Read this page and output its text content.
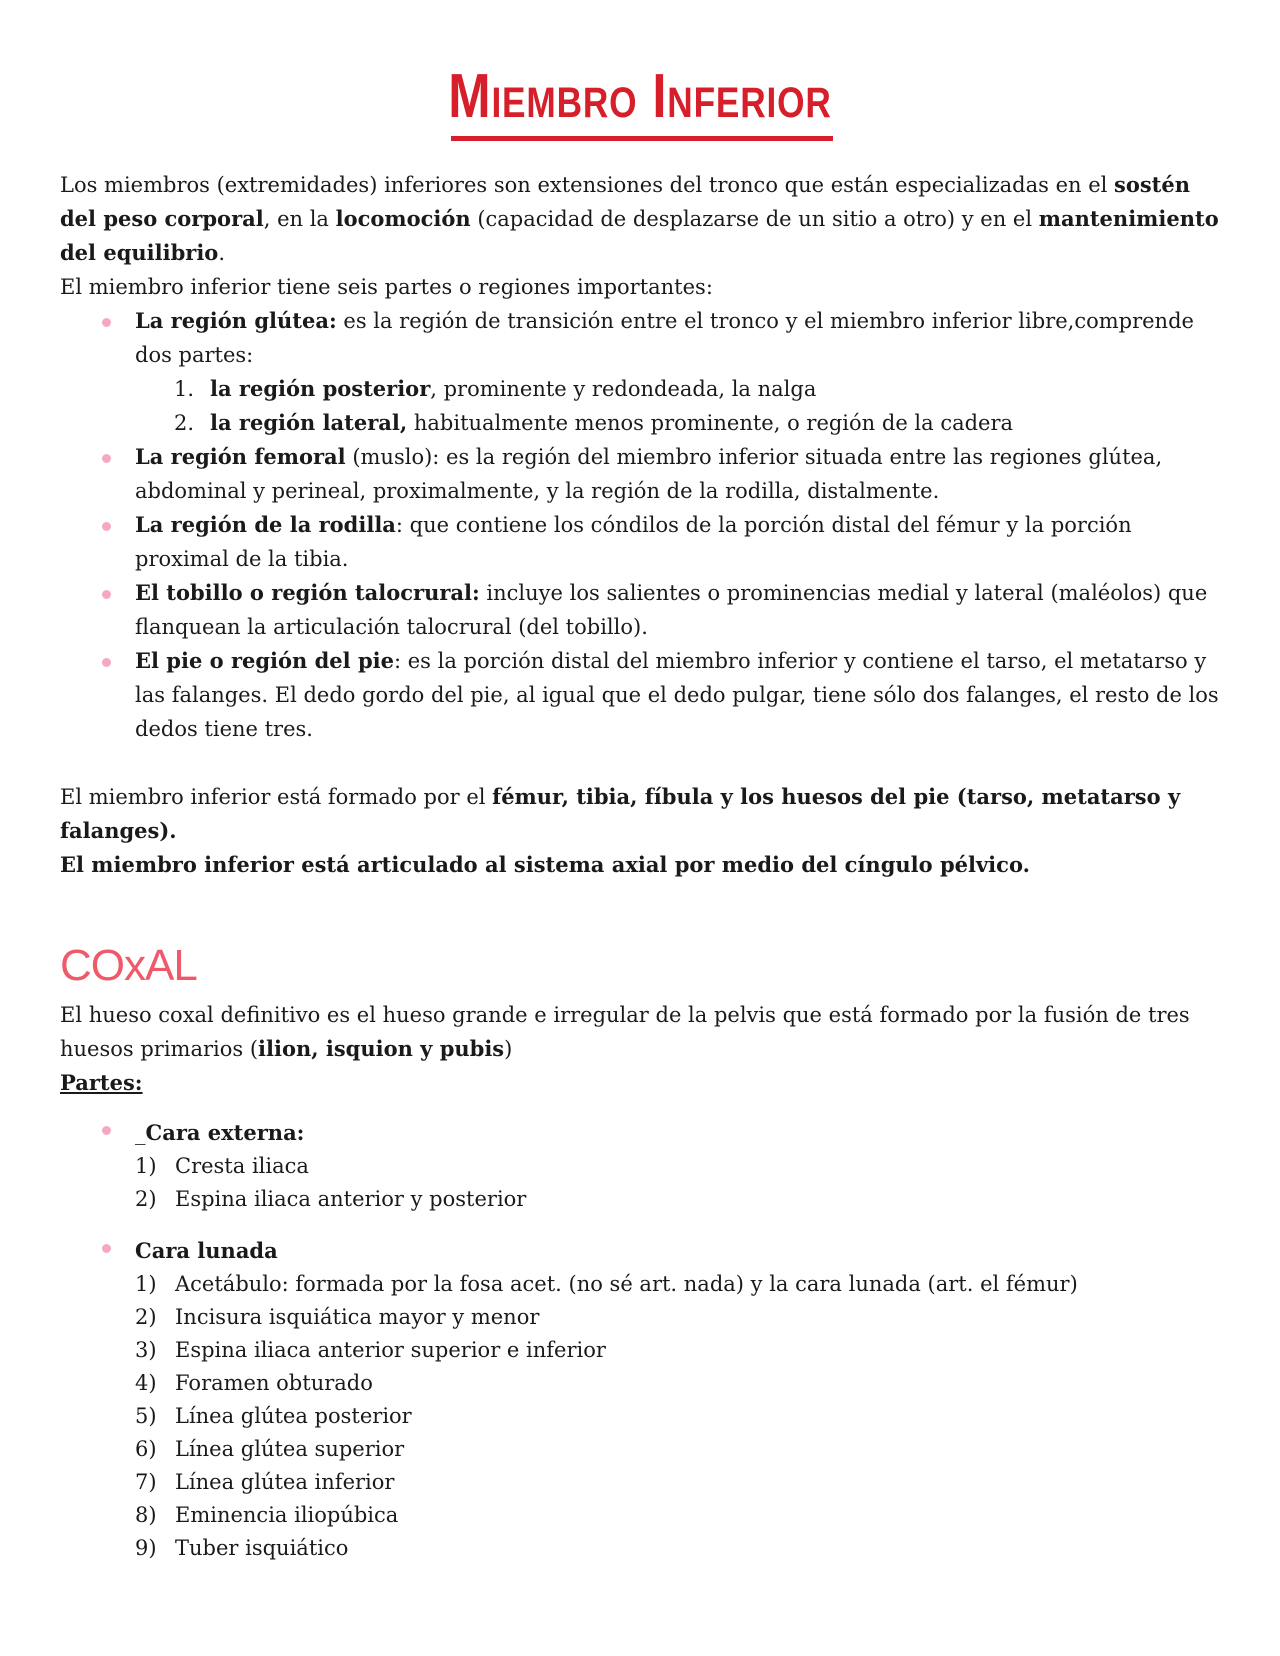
Miembro Inferior

Los miembros (extremidades) inferiores son extensiones del tronco que están especializadas en el sostén del peso corporal, en la locomoción (capacidad de desplazarse de un sitio a otro) y en el mantenimiento del equilibrio.

El miembro inferior tiene seis partes o regiones importantes:

La región glútea: es la región de transición entre el tronco y el miembro inferior libre,comprende dos partes:
1. la región posterior, prominente y redondeada, la nalga
2. la región lateral, habitualmente menos prominente, o región de la cadera
La región femoral (muslo): es la región del miembro inferior situada entre las regiones glútea, abdominal y perineal, proximalmente, y la región de la rodilla, distalmente.
La región de la rodilla: que contiene los cóndilos de la porción distal del fémur y la porción proximal de la tibia.
El tobillo o región talocrural: incluye los salientes o prominencias medial y lateral (maléolos) que flanquean la articulación talocrural (del tobillo).
El pie o región del pie: es la porción distal del miembro inferior y contiene el tarso, el metatarso y las falanges. El dedo gordo del pie, al igual que el dedo pulgar, tiene sólo dos falanges, el resto de los dedos tiene tres.

El miembro inferior está formado por el fémur, tibia, fíbula y los huesos del pie (tarso, metatarso y falanges).

El miembro inferior está articulado al sistema axial por medio del cíngulo pélvico.

COxAL

El hueso coxal definitivo es el hueso grande e irregular de la pelvis que está formado por la fusión de tres huesos primarios (ilion, isquion y pubis)

Partes:

_Cara externa:
1) Cresta iliaca
2) Espina iliaca anterior y posterior
Cara lunada
1) Acetábulo: formada por la fosa acet. (no sé art. nada) y la cara lunada (art. el fémur)
2) Incisura isquiática mayor y menor
3) Espina iliaca anterior superior e inferior
4) Foramen obturado
5) Línea glútea posterior
6) Línea glútea superior
7) Línea glútea inferior
8) Eminencia iliopúbica
9) Tuber isquiático
